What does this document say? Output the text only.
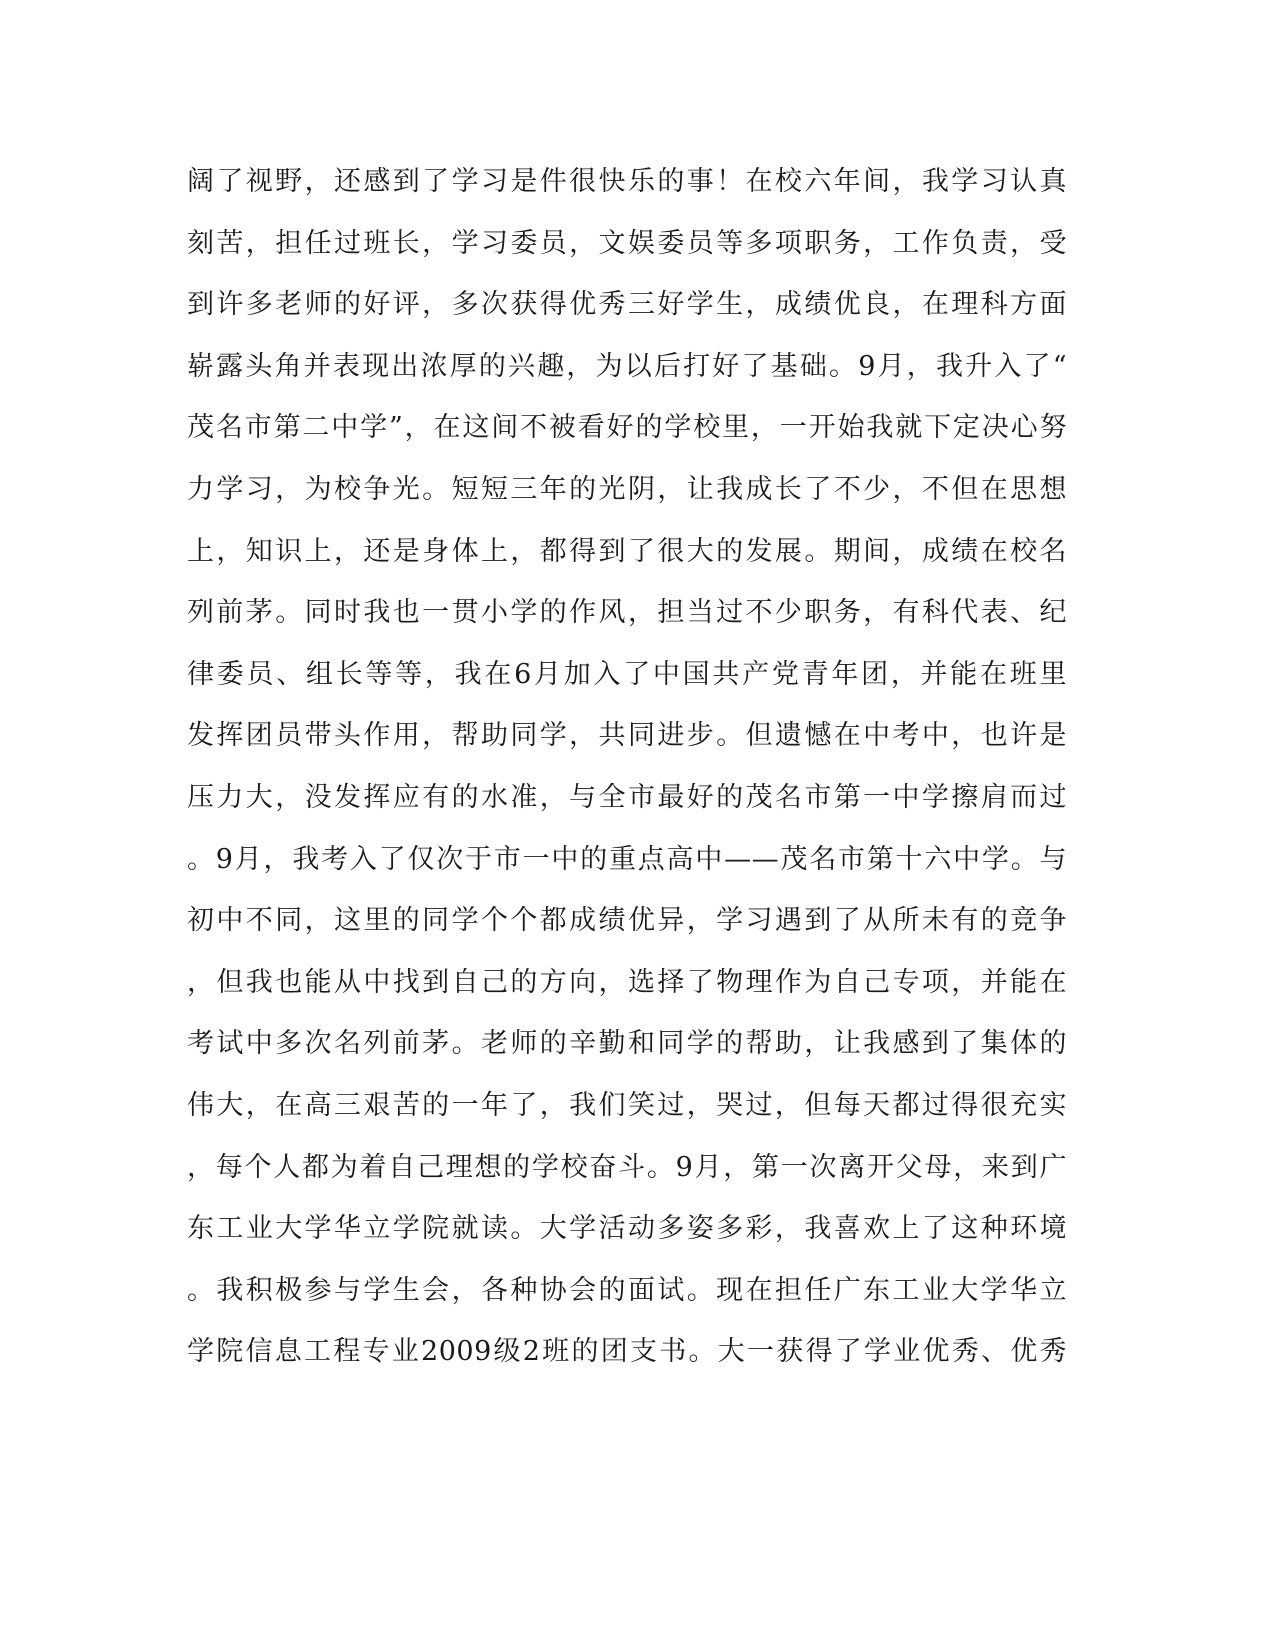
阔了视野，还感到了学习是件很快乐的事！在校六年间，我学习认真
刻苦，担任过班长，学习委员，文娱委员等多项职务，工作负责，受
到许多老师的好评，多次获得优秀三好学生，成绩优良，在理科方面
崭露头角并表现出浓厚的兴趣，为以后打好了基础。9月，我升入了“
茂名市第二中学”，在这间不被看好的学校里，一开始我就下定决心努
力学习，为校争光。短短三年的光阴，让我成长了不少，不但在思想
上，知识上，还是身体上，都得到了很大的发展。期间，成绩在校名
列前茅。同时我也一贯小学的作风，担当过不少职务，有科代表、纪
律委员、组长等等，我在6月加入了中国共产党青年团，并能在班里
发挥团员带头作用，帮助同学，共同进步。但遗憾在中考中，也许是
压力大，没发挥应有的水准，与全市最好的茂名市第一中学擦肩而过
。9月，我考入了仅次于市一中的重点高中——茂名市第十六中学。与
初中不同，这里的同学个个都成绩优异，学习遇到了从所未有的竞争
，但我也能从中找到自己的方向，选择了物理作为自己专项，并能在
考试中多次名列前茅。老师的辛勤和同学的帮助，让我感到了集体的
伟大，在高三艰苦的一年了，我们笑过，哭过，但每天都过得很充实
，每个人都为着自己理想的学校奋斗。9月，第一次离开父母，来到广
东工业大学华立学院就读。大学活动多姿多彩，我喜欢上了这种环境
。我积极参与学生会，各种协会的面试。现在担任广东工业大学华立
学院信息工程专业2009级2班的团支书。大一获得了学业优秀、优秀
